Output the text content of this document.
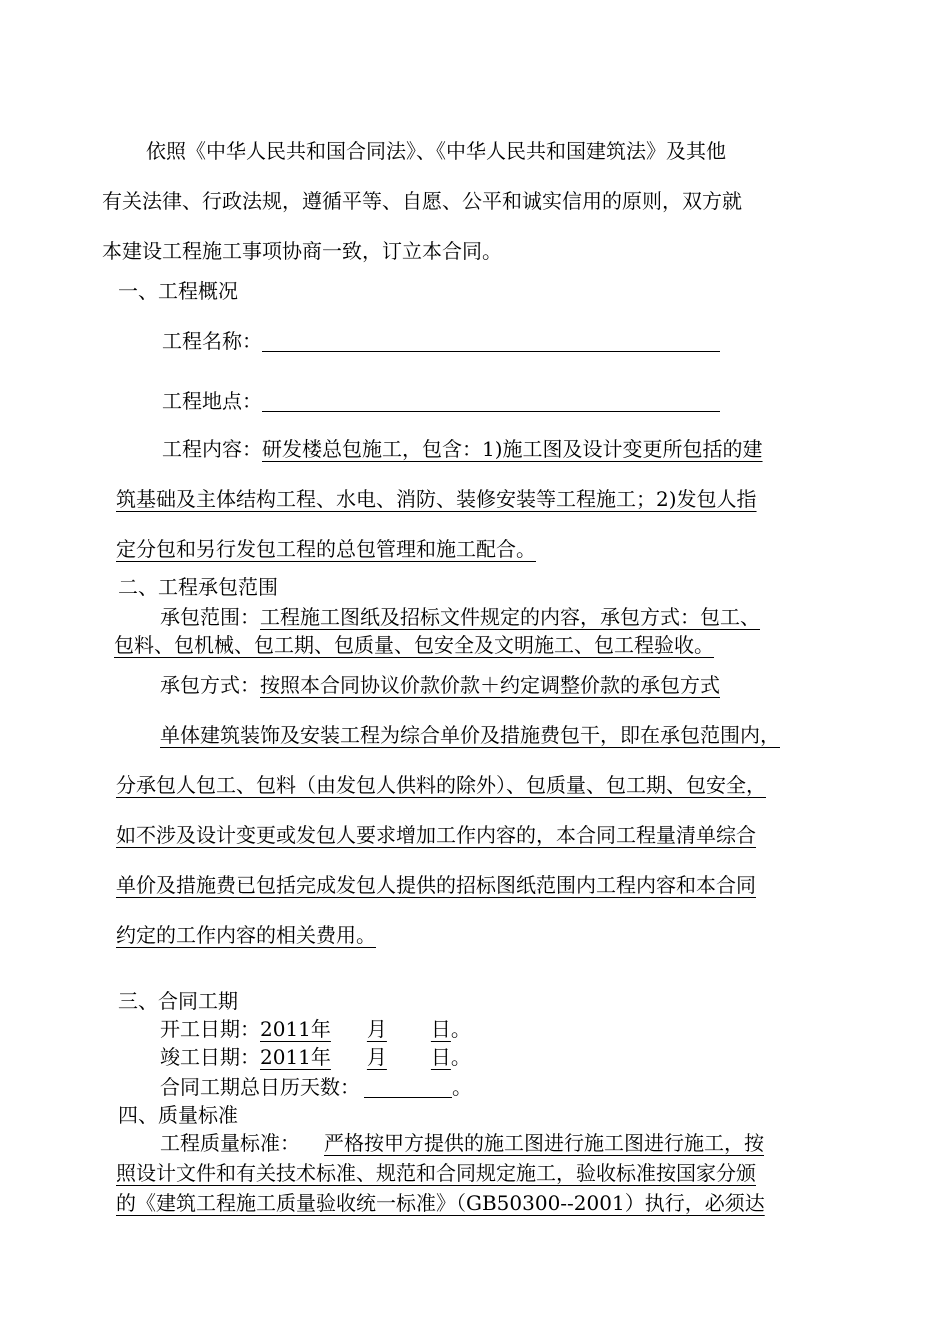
依照《中华人民共和国合同法》、《中华人民共和国建筑法》及其他
有关法律、行政法规，遵循平等、自愿、公平和诚实信用的原则，双方就
本建设工程施工事项协商一致，订立本合同。
一、工程概况
工程名称：
工程地点：
工程内容：研发楼总包施工，包含：1)施工图及设计变更所包括的建
筑基础及主体结构工程、水电、消防、装修安装等工程施工；2)发包人指
定分包和另行发包工程的总包管理和施工配合。
二、工程承包范围
承包范围：工程施工图纸及招标文件规定的内容，承包方式：包工、
包料、包机械、包工期、包质量、包安全及文明施工、包工程验收。
承包方式：按照本合同协议价款价款＋约定调整价款的承包方式
单体建筑装饰及安装工程为综合单价及措施费包干，即在承包范围内，
分承包人包工、包料（由发包人供料的除外）、包质量、包工期、包安全，
如不涉及设计变更或发包人要求增加工作内容的，本合同工程量清单综合
单价及措施费已包括完成发包人提供的招标图纸范围内工程内容和本合同
约定的工作内容的相关费用。
三、合同工期
开工日期：2011年 月 日。
竣工日期：2011年 月 日。
合同工期总日历天数：	。
四、质量标准
工程质量标准： 严格按甲方提供的施工图进行施工图进行施工，按
照设计文件和有关技术标准、规范和合同规定施工，验收标准按国家分颁
的《建筑工程施工质量验收统一标准》（GB50300--2001）执行，必须达
